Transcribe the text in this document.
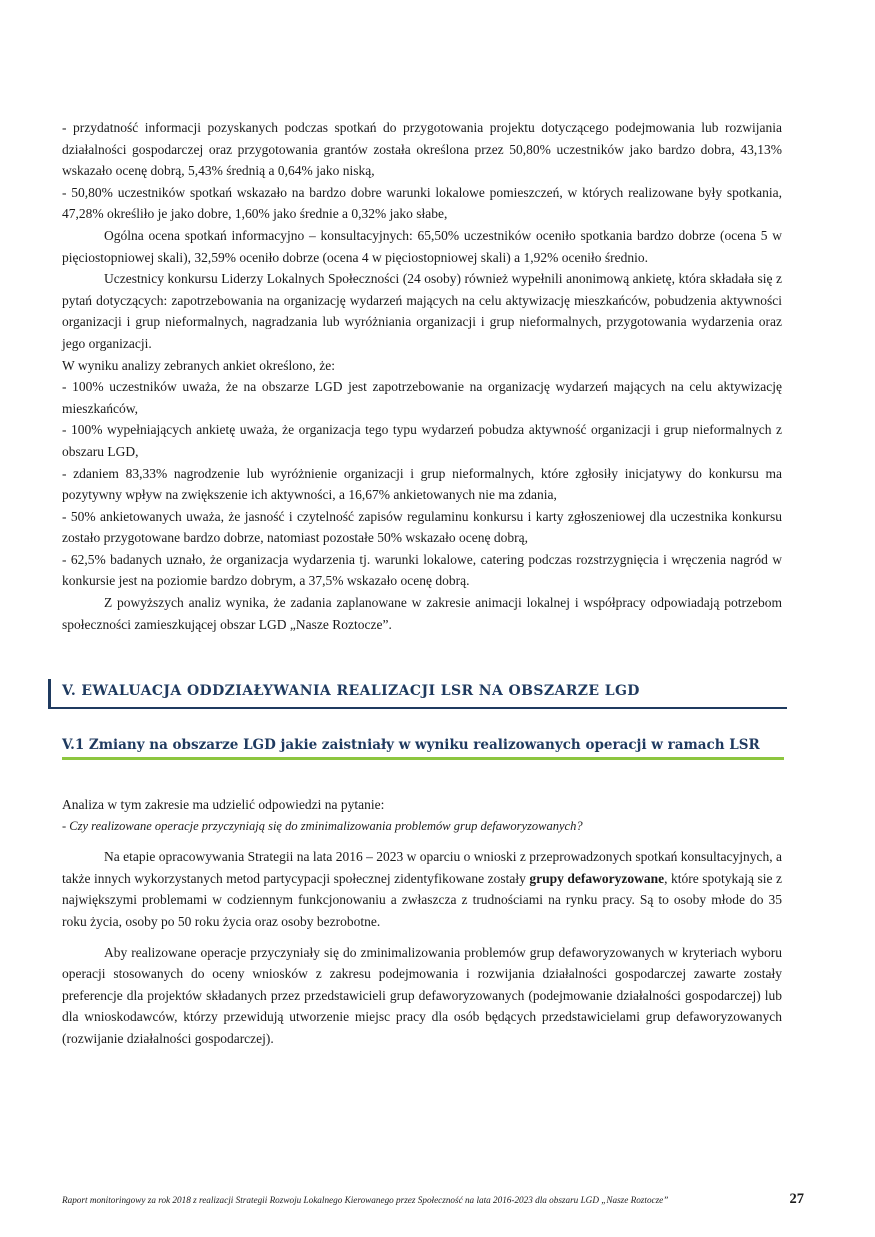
- przydatność informacji pozyskanych podczas spotkań do przygotowania projektu dotyczącego podejmowania lub rozwijania działalności gospodarczej oraz przygotowania grantów została określona przez 50,80% uczestników jako bardzo dobra, 43,13% wskazało ocenę dobrą, 5,43% średnią a 0,64% jako niską,

- 50,80% uczestników spotkań wskazało na bardzo dobre warunki lokalowe pomieszczeń, w których realizowane były spotkania, 47,28% określiło je jako dobre, 1,60% jako średnie a 0,32% jako słabe,

Ogólna ocena spotkań informacyjno – konsultacyjnych: 65,50% uczestników oceniło spotkania bardzo dobrze (ocena 5 w pięciostopniowej skali), 32,59% oceniło dobrze (ocena 4 w pięciostopniowej skali) a 1,92% oceniło średnio.

Uczestnicy konkursu Liderzy Lokalnych Społeczności (24 osoby) również wypełnili anonimową ankietę, która składała się z pytań dotyczących: zapotrzebowania na organizację wydarzeń mających na celu aktywizację mieszkańców, pobudzenia aktywności organizacji i grup nieformalnych, nagradzania lub wyróżniania organizacji i grup nieformalnych, przygotowania wydarzenia oraz jego organizacji.

W wyniku analizy zebranych ankiet określono, że:

- 100% uczestników uważa, że na obszarze LGD jest zapotrzebowanie na organizację wydarzeń mających na celu aktywizację mieszkańców,

- 100% wypełniających ankietę uważa, że organizacja tego typu wydarzeń pobudza aktywność organizacji i grup nieformalnych z obszaru LGD,

- zdaniem 83,33% nagrodzenie lub wyróżnienie organizacji i grup nieformalnych, które zgłosiły inicjatywy do konkursu ma pozytywny wpływ na zwiększenie ich aktywności, a 16,67% ankietowanych nie ma zdania,

- 50% ankietowanych uważa, że jasność i czytelność zapisów regulaminu konkursu i karty zgłoszeniowej dla uczestnika konkursu zostało przygotowane bardzo dobrze, natomiast pozostałe 50% wskazało ocenę dobrą,

- 62,5% badanych uznało, że organizacja wydarzenia tj. warunki lokalowe, catering podczas rozstrzygnięcia i wręczenia nagród w konkursie jest na poziomie bardzo dobrym, a 37,5% wskazało ocenę dobrą.

Z powyższych analiz wynika, że zadania zaplanowane w zakresie animacji lokalnej i współpracy odpowiadają potrzebom społeczności zamieszkującej obszar LGD „Nasze Roztocze”.

V. EWALUACJA ODDZIAŁYWANIA REALIZACJI LSR NA OBSZARZE LGD
V.1 Zmiany na obszarze LGD jakie zaistniały w wyniku realizowanych operacji w ramach LSR

Analiza w tym zakresie ma udzielić odpowiedzi na pytanie:

- Czy realizowane operacje przyczyniają się do zminimalizowania problemów grup defaworyzowanych?

Na etapie opracowywania Strategii na lata 2016 – 2023 w oparciu o wnioski z przeprowadzonych spotkań konsultacyjnych, a także innych wykorzystanych metod partycypacji społecznej zidentyfikowane zostały grupy defaworyzowane, które spotykają sie z największymi problemami w codziennym funkcjonowaniu a zwłaszcza z trudnościami na rynku pracy. Są to osoby młode do 35 roku życia, osoby po 50 roku życia oraz osoby bezrobotne.

Aby realizowane operacje przyczyniały się do zminimalizowania problemów grup defaworyzowanych w kryteriach wyboru operacji stosowanych do oceny wniosków z zakresu podejmowania i rozwijania działalności gospodarczej zawarte zostały preferencje dla projektów składanych przez przedstawicieli grup defaworyzowanych (podejmowanie działalności gospodarczej) lub dla wnioskodawców, którzy przewidują utworzenie miejsc pracy dla osób będących przedstawicielami grup defaworyzowanych (rozwijanie działalności gospodarczej).

Raport monitoringowy za rok 2018 z realizacji Strategii Rozwoju Lokalnego Kierowanego przez Społeczność na lata 2016-2023 dla obszaru LGD „Nasze Roztocze”	27
